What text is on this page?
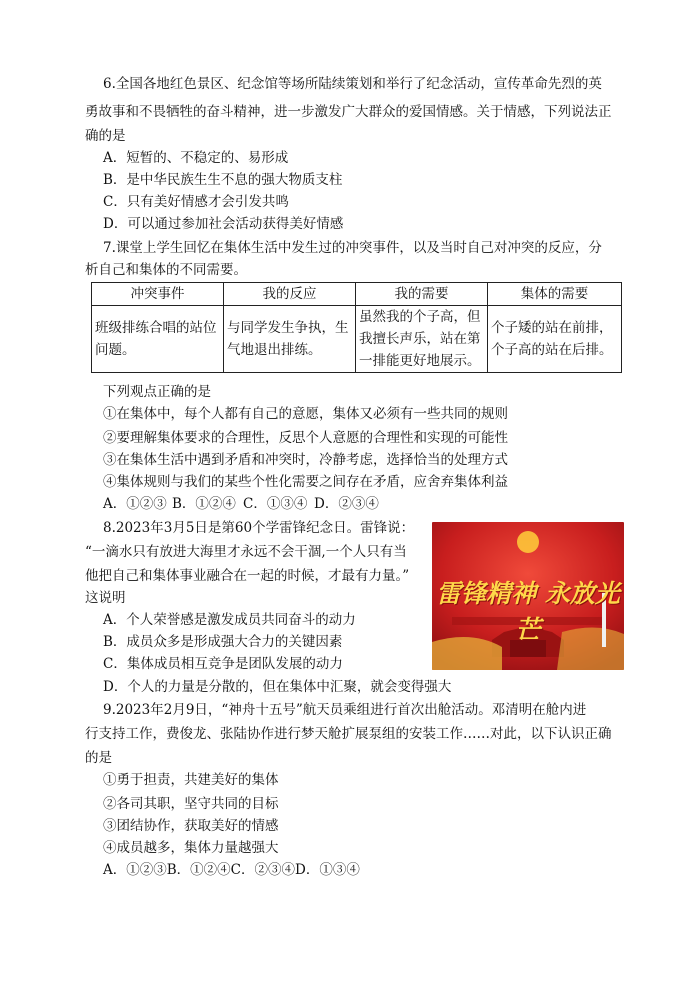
6.全国各地红色景区、纪念馆等场所陆续策划和举行了纪念活动，宣传革命先烈的英
勇故事和不畏牺牲的奋斗精神，进一步激发广大群众的爱国情感。关于情感，下列说法正
确的是
A．短暂的、不稳定的、易形成
B．是中华民族生生不息的强大物质支柱
C．只有美好情感才会引发共鸣
D．可以通过参加社会活动获得美好情感
7.课堂上学生回忆在集体生活中发生过的冲突事件，以及当时自己对冲突的反应，分
析自己和集体的不同需要。
冲突事件	我的反应	我的需要	集体的需要
班级排练合唱的站位问题。	与同学发生争执，生气地退出排练。	虽然我的个子高，但我擅长声乐，站在第一排能更好地展示。	个子矮的站在前排，个子高的站在后排。
下列观点正确的是
①在集体中，每个人都有自己的意愿，集体又必须有一些共同的规则
②要理解集体要求的合理性，反思个人意愿的合理性和实现的可能性
③在集体生活中遇到矛盾和冲突时，冷静考虑，选择恰当的处理方式
④集体规则与我们的某些个性化需要之间存在矛盾，应舍弃集体利益
A．①②③ B．①②④ C．①③④ D．②③④
8.2023年3月5日是第60个学雷锋纪念日。雷锋说：
“一滴水只有放进大海里才永远不会干涸,一个人只有当
他把自己和集体事业融合在一起的时候，才最有力量。”
这说明
A．个人荣誉感是激发成员共同奋斗的动力
B．成员众多是形成强大合力的关键因素
C．集体成员相互竞争是团队发展的动力
D．个人的力量是分散的，但在集体中汇聚，就会变得强大
雷锋精神 永放光芒
9.2023年2月9日，“神舟十五号”航天员乘组进行首次出舱活动。邓清明在舱内进
行支持工作，费俊龙、张陆协作进行梦天舱扩展泵组的安装工作……对此，以下认识正确
的是
①勇于担责，共建美好的集体
②各司其职，坚守共同的目标
③团结协作，获取美好的情感
④成员越多，集体力量越强大
A．①②③B．①②④C．②③④D．①③④
